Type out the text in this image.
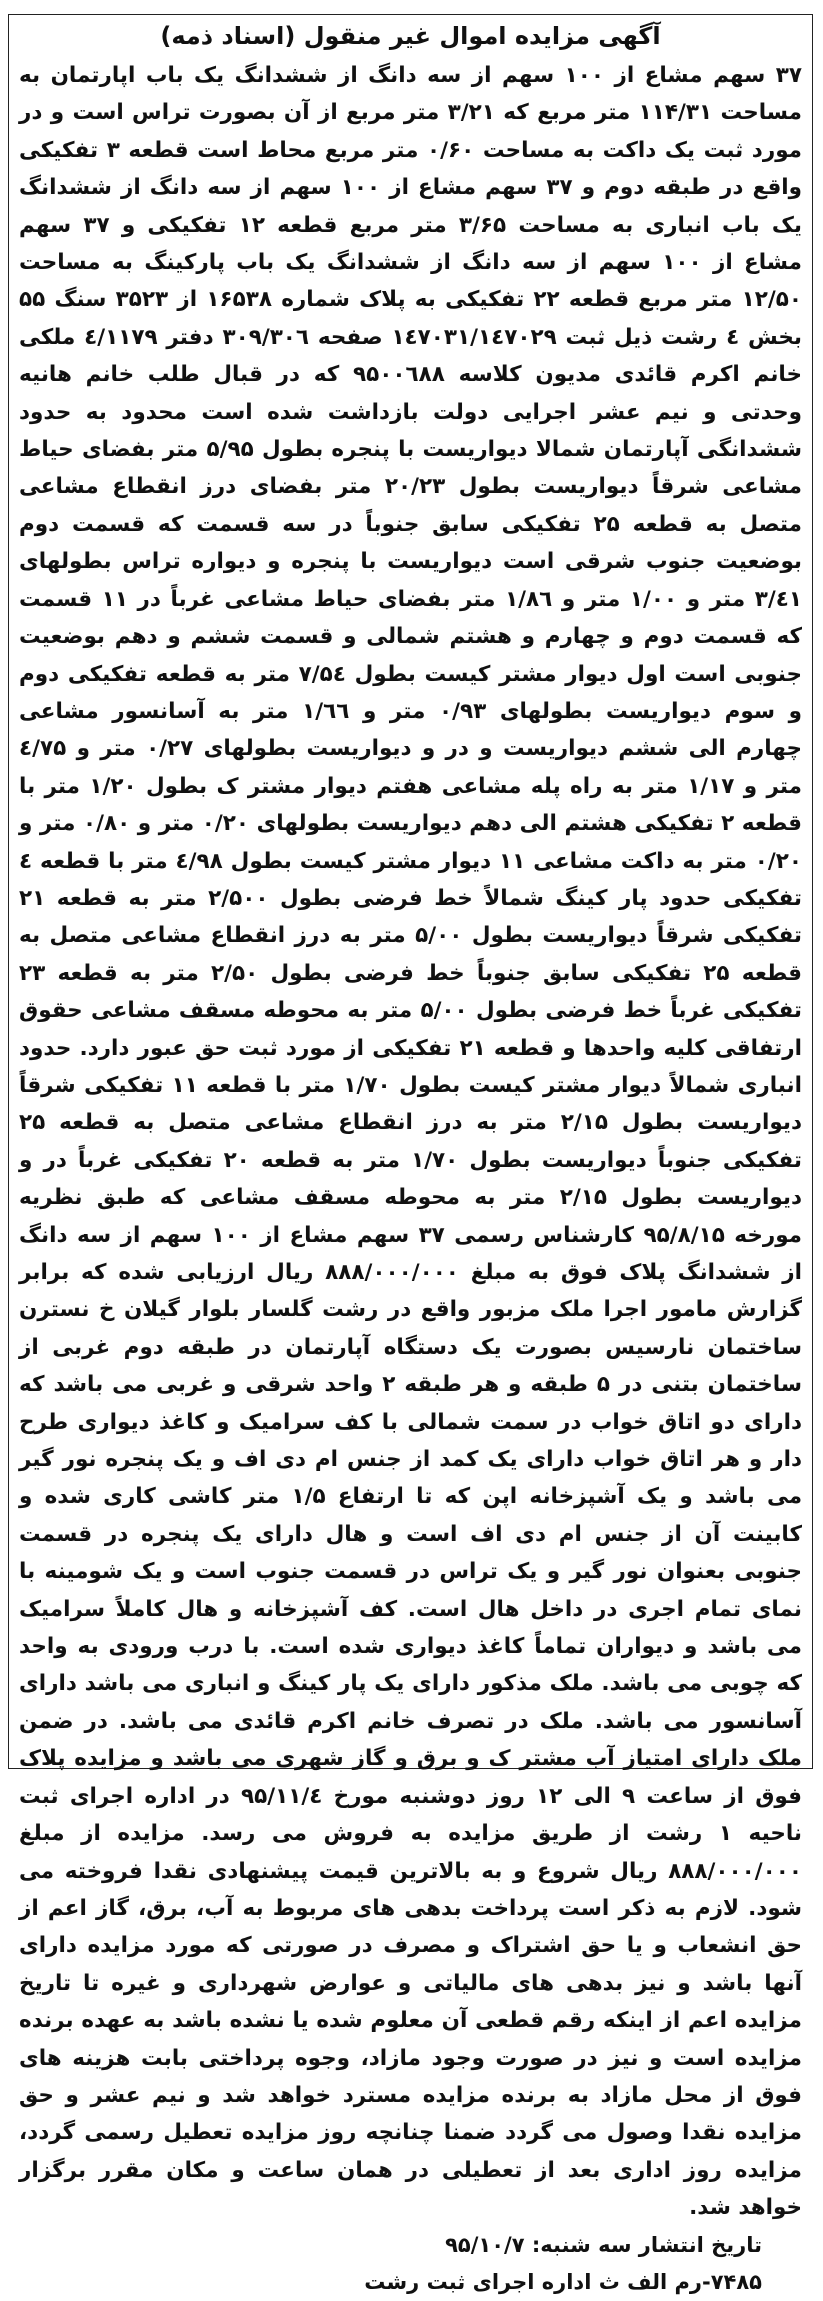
آگهی مزایده اموال غیر منقول (اسناد ذمه)

۳۷ سهم مشاع از ۱۰۰ سهم از سه دانگ از ششدانگ یک باب اپارتمان به مساحت ۱۱۴/۳۱ متر مربع که ۳/۲۱ متر مربع از آن بصورت تراس است و در مورد ثبت یک داکت به مساحت ۰/۶۰ متر مربع محاط است قطعه ۳ تفکیکی واقع در طبقه دوم و ۳۷ سهم مشاع از ۱۰۰ سهم از سه دانگ از ششدانگ یک باب انباری به مساحت ۳/۶۵ متر مربع قطعه ۱۲ تفکیکی و ۳۷ سهم مشاع از ۱۰۰ سهم از سه دانگ از ششدانگ یک باب پارکینگ به مساحت ۱۲/۵۰ متر مربع قطعه ۲۲ تفکیکی به پلاک شماره ۱۶۵۳۸ از ۳۵۲۳ سنگ ۵۵ بخش ٤ رشت ذیل ثبت ۱٤۷۰۳۱/۱٤۷۰۲۹ صفحه ۳۰۹/۳۰٦ دفتر ٤/۱۱۷۹ ملکی خانم اکرم قائدی مدیون کلاسه ۹۵۰۰٦۸۸ که در قبال طلب خانم هانیه وحدتی و نیم عشر اجرایی دولت بازداشت شده است محدود به حدود ششدانگی آپارتمان شمالا دیواریست با پنجره بطول ۵/۹۵ متر بفضای حیاط مشاعی شرقاً دیواریست بطول ۲۰/۲۳ متر بفضای درز انقطاع مشاعی متصل به قطعه ۲۵ تفکیکی سابق جنوباً در سه قسمت که قسمت دوم بوضعیت جنوب شرقی است دیواریست با پنجره و دیواره تراس بطولهای ۳/٤۱ متر و ۱/۰۰ متر و ۱/۸٦ متر بفضای حیاط مشاعی غرباً در ۱۱ قسمت که قسمت دوم و چهارم و هشتم شمالی و قسمت ششم و دهم بوضعیت جنوبی است اول دیوار مشتر کیست بطول ۷/۵٤ متر به قطعه تفکیکی دوم و سوم دیواریست بطولهای ۰/۹۳ متر و ۱/٦٦ متر به آسانسور مشاعی چهارم الی ششم دیواریست و در و دیواریست بطولهای ۰/۲۷ متر و ٤/۷۵ متر و ۱/۱۷ متر به راه پله مشاعی هفتم دیوار مشتر ک بطول ۱/۲۰ متر با قطعه ۲ تفکیکی هشتم الی دهم دیواریست بطولهای ۰/۲۰ متر و ۰/۸۰ متر و ۰/۲۰ متر به داکت مشاعی ۱۱ دیوار مشتر کیست بطول ٤/۹۸ متر با قطعه ٤ تفکیکی حدود پار کینگ شمالاً خط فرضی بطول ۲/۵۰۰ متر به قطعه ۲۱ تفکیکی شرقاً دیواریست بطول ۵/۰۰ متر به درز انقطاع مشاعی متصل به قطعه ۲۵ تفکیکی سابق جنوباً خط فرضی بطول ۲/۵۰ متر به قطعه ۲۳ تفکیکی غرباً خط فرضی بطول ۵/۰۰ متر به محوطه مسقف مشاعی حقوق ارتفاقی کلیه واحدها و قطعه ۲۱ تفکیکی از مورد ثبت حق عبور دارد. حدود انباری شمالاً دیوار مشتر کیست بطول ۱/۷۰ متر با قطعه ۱۱ تفکیکی شرقاً دیواریست بطول ۲/۱۵ متر به درز انقطاع مشاعی متصل به قطعه ۲۵ تفکیکی جنوباً دیواریست بطول ۱/۷۰ متر به قطعه ۲۰ تفکیکی غرباً در و دیواریست بطول ۲/۱۵ متر به محوطه مسقف مشاعی که طبق نظریه مورخه ۹۵/۸/۱۵ کارشناس رسمی ۳۷ سهم مشاع از ۱۰۰ سهم از سه دانگ از ششدانگ پلاک فوق به مبلغ ۸۸۸/۰۰۰/۰۰۰ ریال ارزیابی شده که برابر گزارش مامور اجرا ملک مزبور واقع در رشت گلسار بلوار گیلان خ نسترن ساختمان نارسیس بصورت یک دستگاه آپارتمان در طبقه دوم غربی از ساختمان بتنی در ۵ طبقه و هر طبقه ۲ واحد شرقی و غربی می باشد که دارای دو اتاق خواب در سمت شمالی با کف سرامیک و کاغذ دیواری طرح دار و هر اتاق خواب دارای یک کمد از جنس ام دی اف و یک پنجره نور گیر می باشد و یک آشپزخانه اپن که تا ارتفاع ۱/۵ متر کاشی کاری شده و کابینت آن از جنس ام دی اف است و هال دارای یک پنجره در قسمت جنوبی بعنوان نور گیر و یک تراس در قسمت جنوب است و یک شومینه با نمای تمام اجری در داخل هال است. کف آشپزخانه و هال کاملاً سرامیک می باشد و دیواران تماماً کاغذ دیواری شده است. با درب ورودی به واحد که چوبی می باشد. ملک مذکور دارای یک پار کینگ و انباری می باشد دارای آسانسور می باشد. ملک در تصرف خانم اکرم قائدی می باشد. در ضمن ملک دارای امتیاز آب مشتر ک و برق و گاز شهری می باشد و مزایده پلاک فوق از ساعت ۹ الی ۱۲ روز دوشنبه مورخ ۹۵/۱۱/٤ در اداره اجرای ثبت ناحیه ۱ رشت از طریق مزایده به فروش می رسد. مزایده از مبلغ ۸۸۸/۰۰۰/۰۰۰ ریال شروع و به بالاترین قیمت پیشنهادی نقدا فروخته می شود. لازم به ذکر است پرداخت بدهی های مربوط به آب، برق، گاز اعم از حق انشعاب و یا حق اشتراک و مصرف در صورتی که مورد مزایده دارای آنها باشد و نیز بدهی های مالیاتی و عوارض شهرداری و غیره تا تاریخ مزایده اعم از اینکه رقم قطعی آن معلوم شده یا نشده باشد به عهده برنده مزایده است و نیز در صورت وجود مازاد، وجوه پرداختی بابت هزینه های فوق از محل مازاد به برنده مزایده مسترد خواهد شد و نیم عشر و حق مزایده نقدا وصول می گردد ضمنا چنانچه روز مزایده تعطیل رسمی گردد، مزایده روز اداری بعد از تعطیلی در همان ساعت و مکان مقرر برگزار خواهد شد.

تاریخ انتشار سه شنبه: ۹۵/۱۰/۷

۷۴۸۵-رم الف ث اداره اجرای ثبت رشت
